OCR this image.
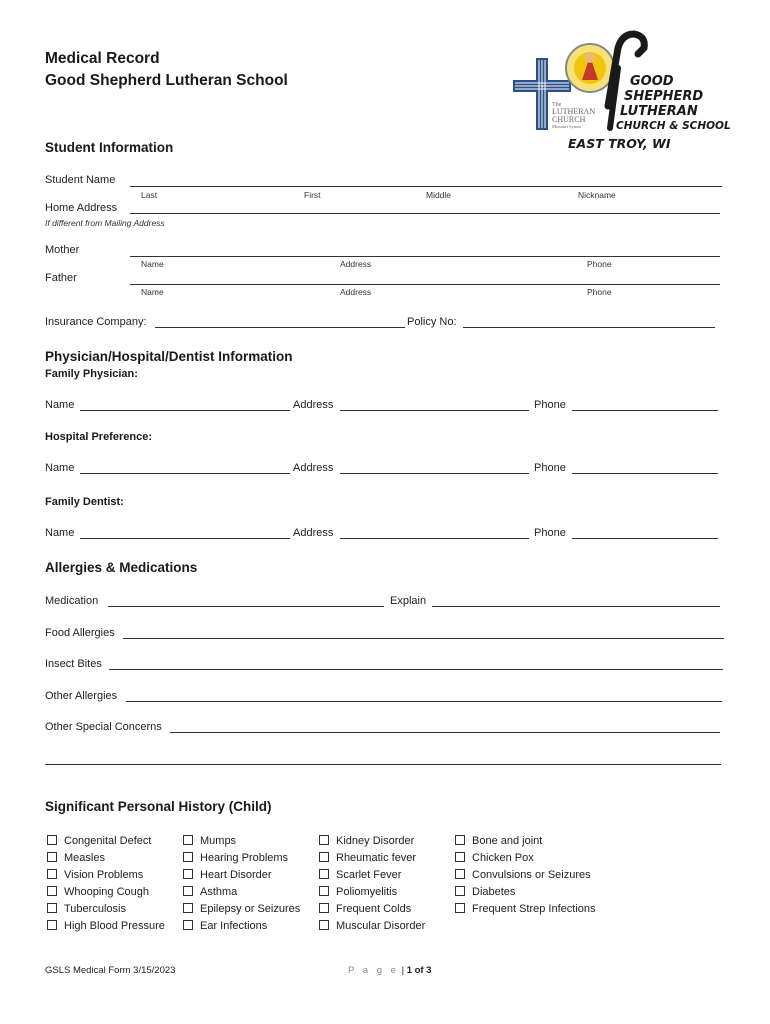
Medical Record
Good Shepherd Lutheran School
The
LUTHERAN
CHURCH
Missouri Synod
GOOD
SHEPHERD
LUTHERAN
CHURCH & SCHOOL
EAST TROY, WI
Student Information
Student Name
Last	First	Middle	Nickname
Home Address
If different from Mailing Address
Mother
Name	Address	Phone
Father
Name	Address	Phone
Insurance Company:	Policy No:
Physician/Hospital/Dentist Information
Family Physician:
Name	Address	Phone
Hospital Preference:
Name	Address	Phone
Family Dentist:
Name	Address	Phone
Allergies & Medications
Medication	Explain
Food Allergies
Insect Bites
Other Allergies
Other Special Concerns
Significant Personal History (Child)
Congenital Defect
Measles
Vision Problems
Whooping Cough
Tuberculosis
High Blood Pressure
Mumps
Hearing Problems
Heart Disorder
Asthma
Epilepsy or Seizures
Ear Infections
Kidney Disorder
Rheumatic fever
Scarlet Fever
Poliomyelitis
Frequent Colds
Muscular Disorder
Bone and joint
Chicken Pox
Convulsions or Seizures
Diabetes
Frequent Strep Infections
GSLS Medical Form 3/15/2023	P a g e | 1 of 3
